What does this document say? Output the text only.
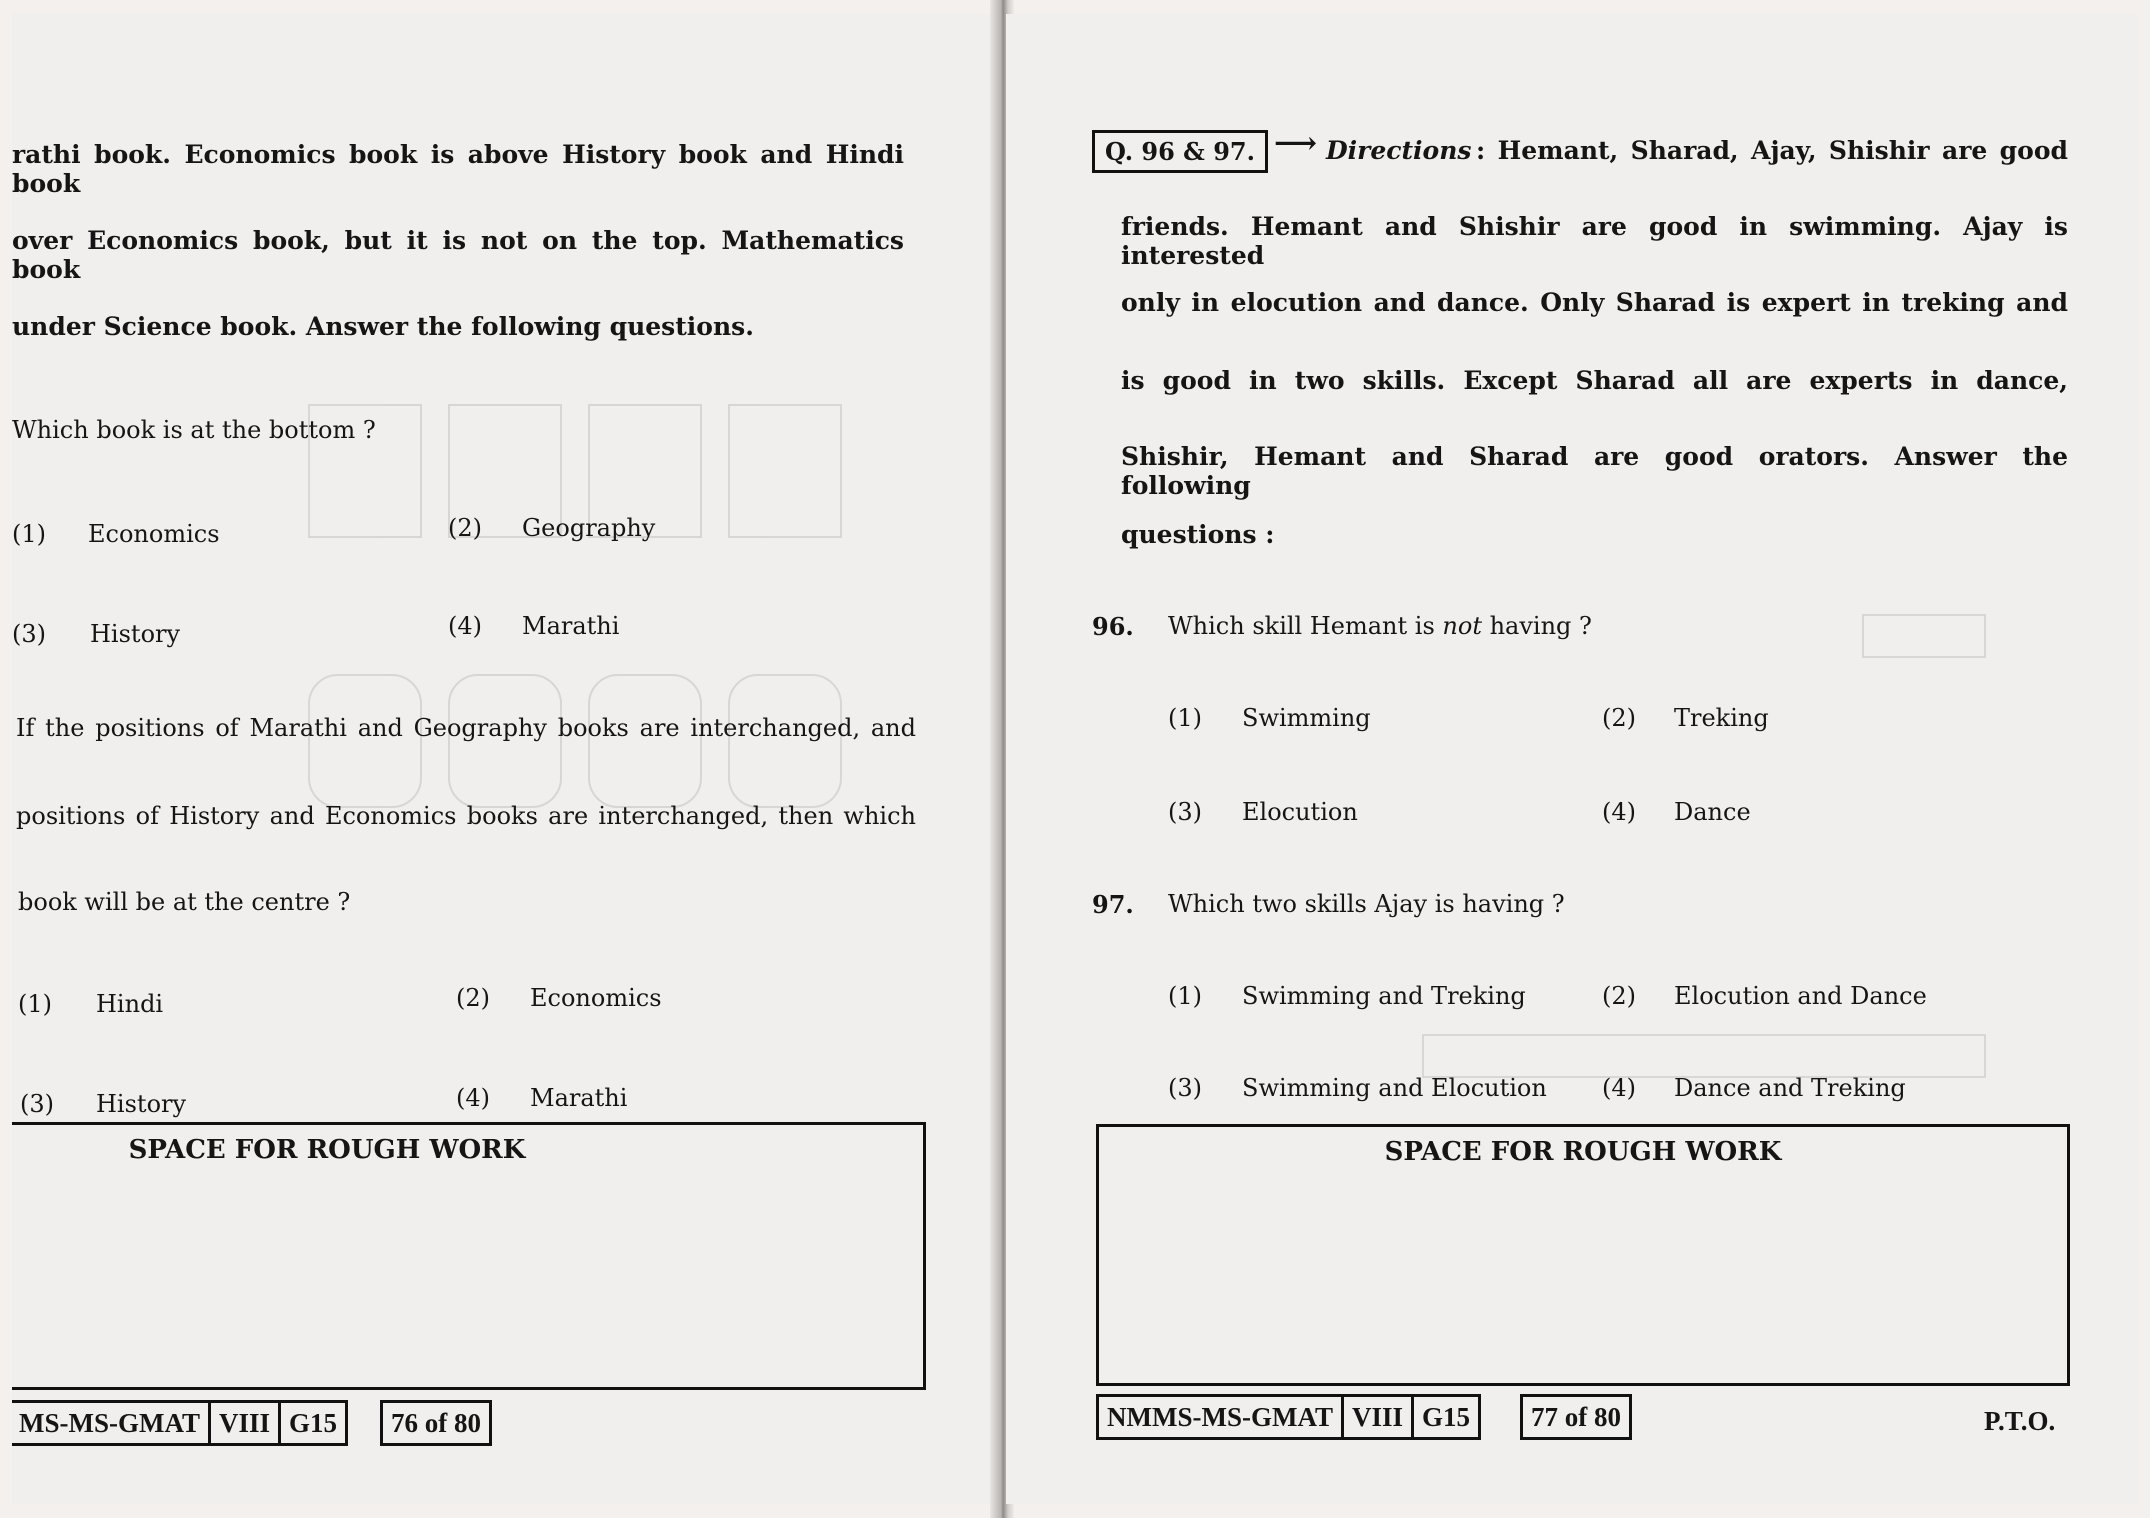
rathi book. Economics book is above History book and Hindi book
over Economics book, but it is not on the top. Mathematics book
under Science book. Answer the following questions.
Which book is at the bottom ?
(1) Economics	(2) Geography
(3) History	(4) Marathi
If the positions of Marathi and Geography books are interchanged, and
positions of History and Economics books are interchanged, then which
book will be at the centre ?
(1) Hindi	(2) Economics
(3) History	(4) Marathi
SPACE FOR ROUGH WORK
MS-MS-GMAT VIII G15	76 of 80
Q. 96 & 97. ⟶ Directions : Hemant, Sharad, Ajay, Shishir are good
friends. Hemant and Shishir are good in swimming. Ajay is interested
only in elocution and dance. Only Sharad is expert in treking and
is good in two skills. Except Sharad all are experts in dance,
Shishir, Hemant and Sharad are good orators. Answer the following
questions :
96. Which skill Hemant is not having ?
(1) Swimming	(2) Treking
(3) Elocution	(4) Dance
97. Which two skills Ajay is having ?
(1) Swimming and Treking	(2) Elocution and Dance
(3) Swimming and Elocution (4) Dance and Treking
SPACE FOR ROUGH WORK
NMMS-MS-GMAT VIII G15	77 of 80	P.T.O.
